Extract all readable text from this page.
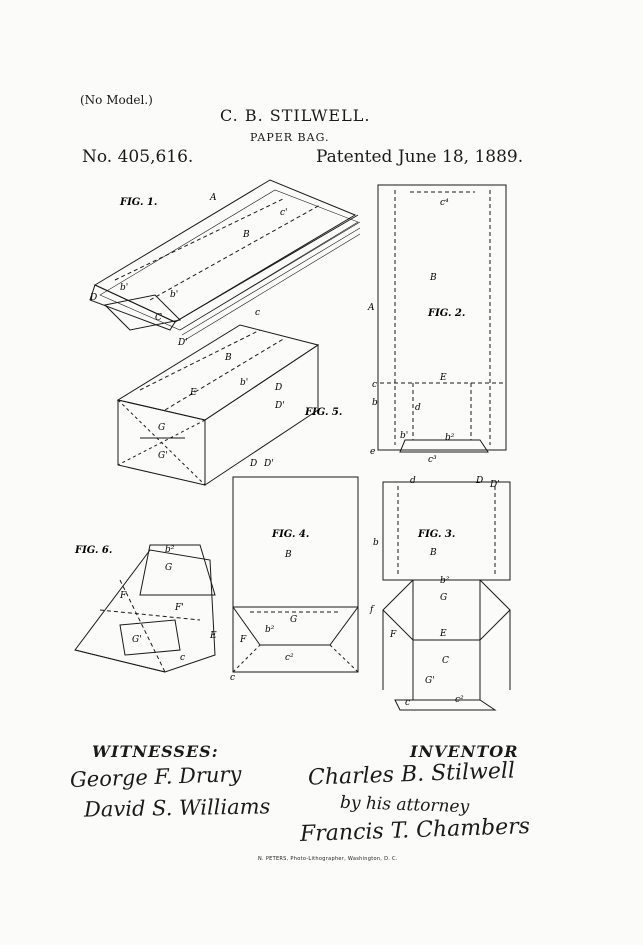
(No Model.)
C. B. STILWELL.
PAPER BAG.
No. 405,616.	Patented June 18, 1889.
FIG. 1.
FIG. 2.
FIG. 3.
FIG. 4.
FIG. 5.
FIG. 6.
A
B
c'
b'
D
D'
b'
C	c	A
B
c⁴
E
c
b	d
b'	b²
c³
e
d	D D'
b
B
b²
G
F	E
C
G'
c²
f
c
D D'
B
G
b²
F
c²
c
B
E
b'
G
G'
D
D'
b²
G
F
F'
G'	E
c
WITNESSES:	INVENTOR
George F. Drury
David S. Williams
Charles B. Stilwell
by his attorney
Francis T. Chambers
N. PETERS, Photo-Lithographer, Washington, D. C.
